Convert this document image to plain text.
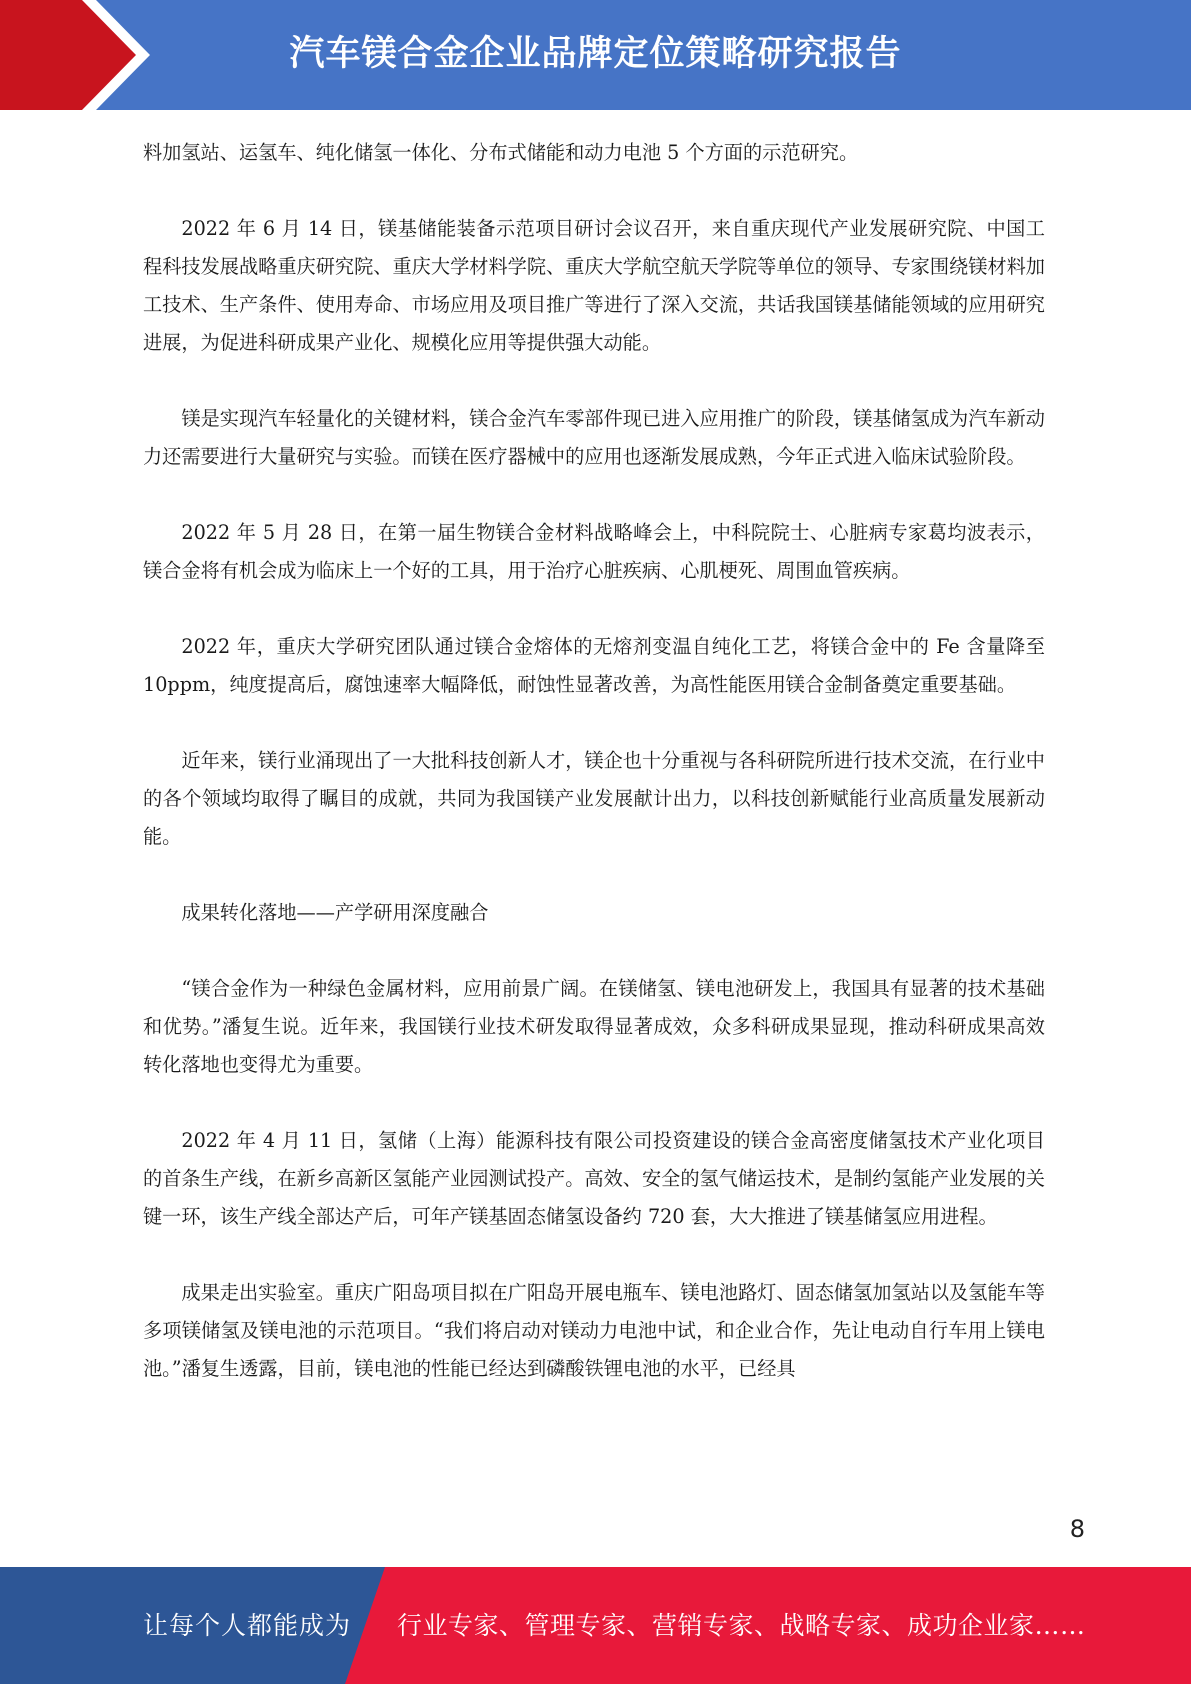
汽车镁合金企业品牌定位策略研究报告

料加氢站、运氢车、纯化储氢一体化、分布式储能和动力电池 5 个方面的示范研究。

2022 年 6 月 14 日，镁基储能装备示范项目研讨会议召开，来自重庆现代产业发展研究院、中国工程科技发展战略重庆研究院、重庆大学材料学院、重庆大学航空航天学院等单位的领导、专家围绕镁材料加工技术、生产条件、使用寿命、市场应用及项目推广等进行了深入交流，共话我国镁基储能领域的应用研究进展，为促进科研成果产业化、规模化应用等提供强大动能。

镁是实现汽车轻量化的关键材料，镁合金汽车零部件现已进入应用推广的阶段，镁基储氢成为汽车新动力还需要进行大量研究与实验。而镁在医疗器械中的应用也逐渐发展成熟，今年正式进入临床试验阶段。

2022 年 5 月 28 日，在第一届生物镁合金材料战略峰会上，中科院院士、心脏病专家葛均波表示，镁合金将有机会成为临床上一个好的工具，用于治疗心脏疾病、心肌梗死、周围血管疾病。

2022 年，重庆大学研究团队通过镁合金熔体的无熔剂变温自纯化工艺，将镁合金中的 Fe 含量降至 10ppm，纯度提高后，腐蚀速率大幅降低，耐蚀性显著改善，为高性能医用镁合金制备奠定重要基础。

近年来，镁行业涌现出了一大批科技创新人才，镁企也十分重视与各科研院所进行技术交流，在行业中的各个领域均取得了瞩目的成就，共同为我国镁产业发展献计出力，以科技创新赋能行业高质量发展新动能。

成果转化落地——产学研用深度融合

“镁合金作为一种绿色金属材料，应用前景广阔。在镁储氢、镁电池研发上，我国具有显著的技术基础和优势。”潘复生说。近年来，我国镁行业技术研发取得显著成效，众多科研成果显现，推动科研成果高效转化落地也变得尤为重要。

2022 年 4 月 11 日，氢储（上海）能源科技有限公司投资建设的镁合金高密度储氢技术产业化项目的首条生产线，在新乡高新区氢能产业园测试投产。高效、安全的氢气储运技术，是制约氢能产业发展的关键一环，该生产线全部达产后，可年产镁基固态储氢设备约 720 套，大大推进了镁基储氢应用进程。

成果走出实验室。重庆广阳岛项目拟在广阳岛开展电瓶车、镁电池路灯、固态储氢加氢站以及氢能车等多项镁储氢及镁电池的示范项目。“我们将启动对镁动力电池中试，和企业合作，先让电动自行车用上镁电池。”潘复生透露，目前，镁电池的性能已经达到磷酸铁锂电池的水平，已经具

8
让每个人都能成为 行业专家、管理专家、营销专家、战略专家、成功企业家……
